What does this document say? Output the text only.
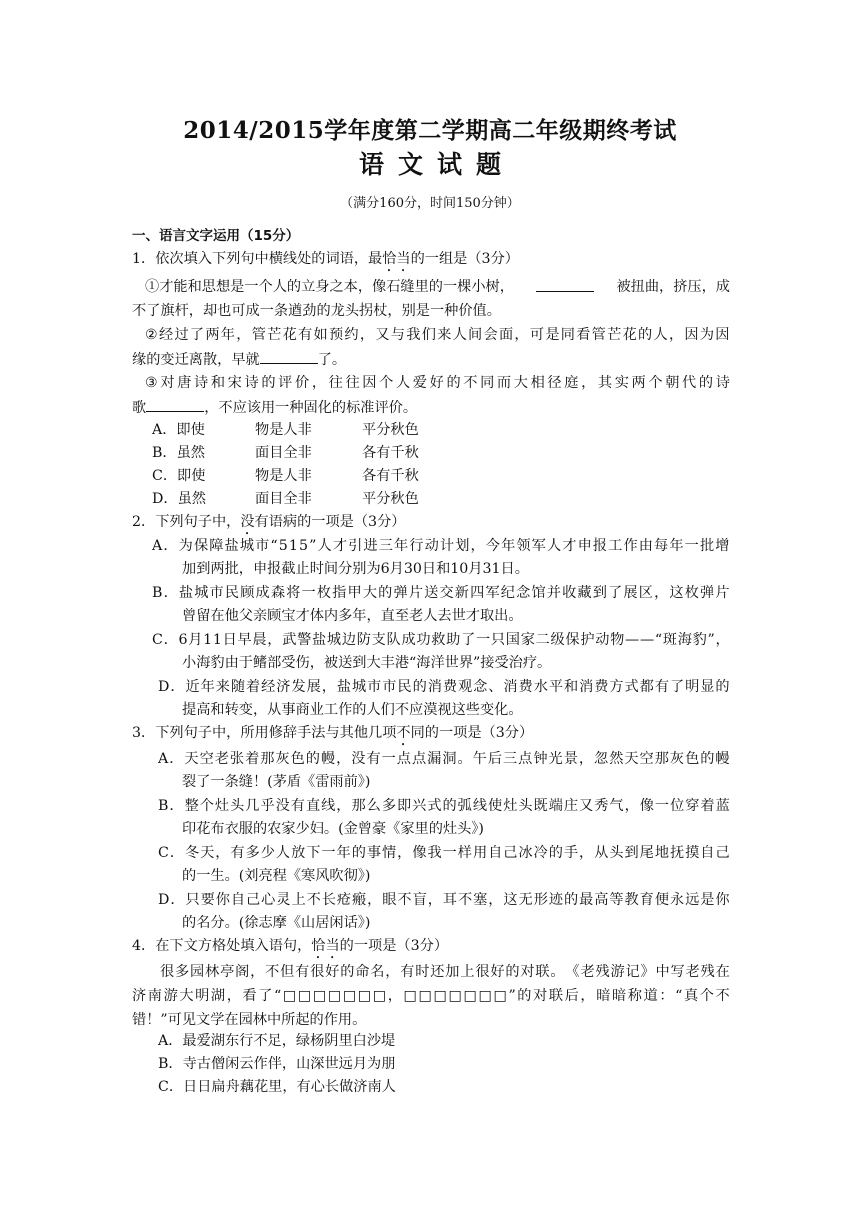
2014/2015学年度第二学期高二年级期终考试
语文试题
（满分160分，时间150分钟）
一、语言文字运用（15分）
1．依次填入下列句中横线处的词语，最恰当的一组是（3分）
①才能和思想是一个人的立身之本，像石缝里的一棵小树，	被扭曲，挤压，成
不了旗杆，却也可成一条遒劲的龙头拐杖，别是一种价值。
② 经 过 了 两 年 ， 管 芒 花 有 如 预 约 ， 又 与 我 们 来 人 间 会 面 ， 可 是 同 看 管 芒 花 的 人 ， 因 为 因
缘的变迁离散，早就	了。
③ 对 唐 诗 和 宋 诗 的 评 价 ， 往 往 因 个 人 爱 好 的 不 同 而 大 相 径 庭 ， 其 实 两 个 朝 代 的 诗
歌	，不应该用一种固化的标准评价。
A．即使	物是人非	平分秋色
B．虽然	面目全非	各有千秋
C．即使	物是人非	各有千秋
D．虽然	面目全非	平分秋色
2．下列句子中，没有语病的一项是（3分）
A ． 为 保 障 盐 城 市 “ 5 1 5 ” 人 才 引 进 三 年 行 动 计 划 ， 今 年 领 军 人 才 申 报 工 作 由 每 年 一 批 增
加到两批，申报截止时间分别为6月30日和10月31日。
B ． 盐 城 市 民 顾 成 森 将 一 枚 指 甲 大 的 弹 片 送 交 新 四 军 纪 念 馆 并 收 藏 到 了 展 区 ， 这 枚 弹 片
曾留在他父亲顾宝才体内多年，直至老人去世才取出。
C ． 6 月 1 1 日 早 晨 ， 武 警 盐 城 边 防 支 队 成 功 救 助 了 一 只 国 家 二 级 保 护 动 物 — — “ 斑 海 豹 ” ，
小海豹由于鳍部受伤，被送到大丰港“海洋世界”接受治疗。
D ． 近 年 来 随 着 经 济 发 展 ， 盐 城 市 市 民 的 消 费 观 念 、 消 费 水 平 和 消 费 方 式 都 有 了 明 显 的
提高和转变，从事商业工作的人们不应漠视这些变化。
3．下列句子中，所用修辞手法与其他几项不同的一项是（3分）
A ． 天 空 老 张 着 那 灰 色 的 幔 ， 没 有 一 点 点 漏 洞 。 午 后 三 点 钟 光 景 ， 忽 然 天 空 那 灰 色 的 幔
裂了一条缝！(茅盾《雷雨前》)
B ． 整 个 灶 头 几 乎 没 有 直 线 ， 那 么 多 即 兴 式 的 弧 线 使 灶 头 既 端 庄 又 秀 气 ， 像 一 位 穿 着 蓝
印花布衣服的农家少妇。(金曾豪《家里的灶头》)
C ． 冬 天 ， 有 多 少 人 放 下 一 年 的 事 情 ， 像 我 一 样 用 自 己 冰 冷 的 手 ， 从 头 到 尾 地 抚 摸 自 己
的一生。(刘亮程《寒风吹彻》)
D ． 只 要 你 自 己 心 灵 上 不 长 疮 瘢 ， 眼 不 盲 ， 耳 不 塞 ， 这 无 形 迹 的 最 高 等 教 育 便 永 远 是 你
的名分。(徐志摩《山居闲话》)
4．在下文方格处填入语句，恰当的一项是（3分）
很 多 园 林 亭 阁 ， 不 但 有 很 好 的 命 名 ， 有 时 还 加 上 很 好 的 对 联 。 《 老 残 游 记 》 中 写 老 残 在
济 南 游 大 明 湖 ， 看 了 “ □ □ □ □ □ □ □ ， □ □ □ □ □ □ □ ” 的 对 联 后 ， 暗 暗 称 道 ： “ 真 个 不
错！”可见文学在园林中所起的作用。
A．最爱湖东行不足，绿杨阴里白沙堤
B．寺古僧闲云作伴，山深世远月为朋
C．日日扁舟藕花里，有心长做济南人
